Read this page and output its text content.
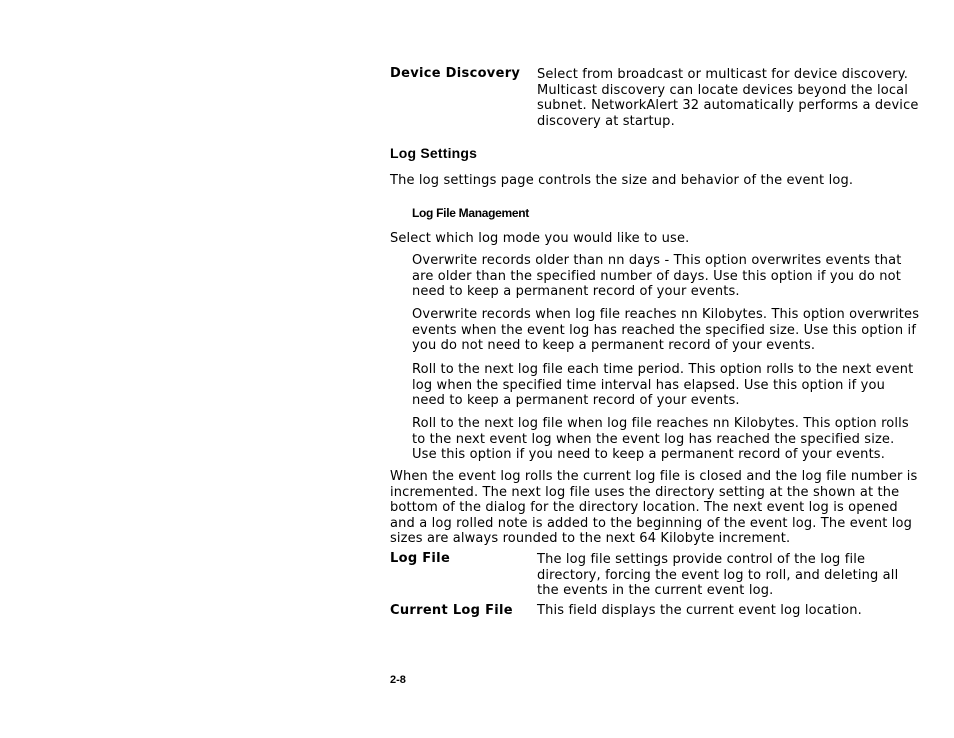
Device Discovery	Select from broadcast or multicast for device discovery. Multicast discovery can locate devices beyond the local subnet. NetworkAlert 32 automatically performs a device discovery at startup.
Log Settings
The log settings page controls the size and behavior of the event log.
Log File Management
Select which log mode you would like to use.
Overwrite records older than nn days - This option overwrites events that are older than the specified number of days. Use this option if you do not need to keep a permanent record of your events.
Overwrite records when log file reaches nn Kilobytes. This option overwrites events when the event log has reached the specified size. Use this option if you do not need to keep a permanent record of your events.
Roll to the next log file each time period. This option rolls to the next event log when the specified time interval has elapsed. Use this option if you need to keep a permanent record of your events.
Roll to the next log file when log file reaches nn Kilobytes. This option rolls to the next event log when the event log has reached the specified size. Use this option if you need to keep a permanent record of your events.
When the event log rolls the current log file is closed and the log file number is incremented. The next log file uses the directory setting at the shown at the bottom of the dialog for the directory location. The next event log is opened and a log rolled note is added to the beginning of the event log. The event log sizes are always rounded to the next 64 Kilobyte increment.
Log File	The log file settings provide control of the log file directory, forcing the event log to roll, and deleting all the events in the current event log.
Current Log File	This field displays the current event log location.
2-8
